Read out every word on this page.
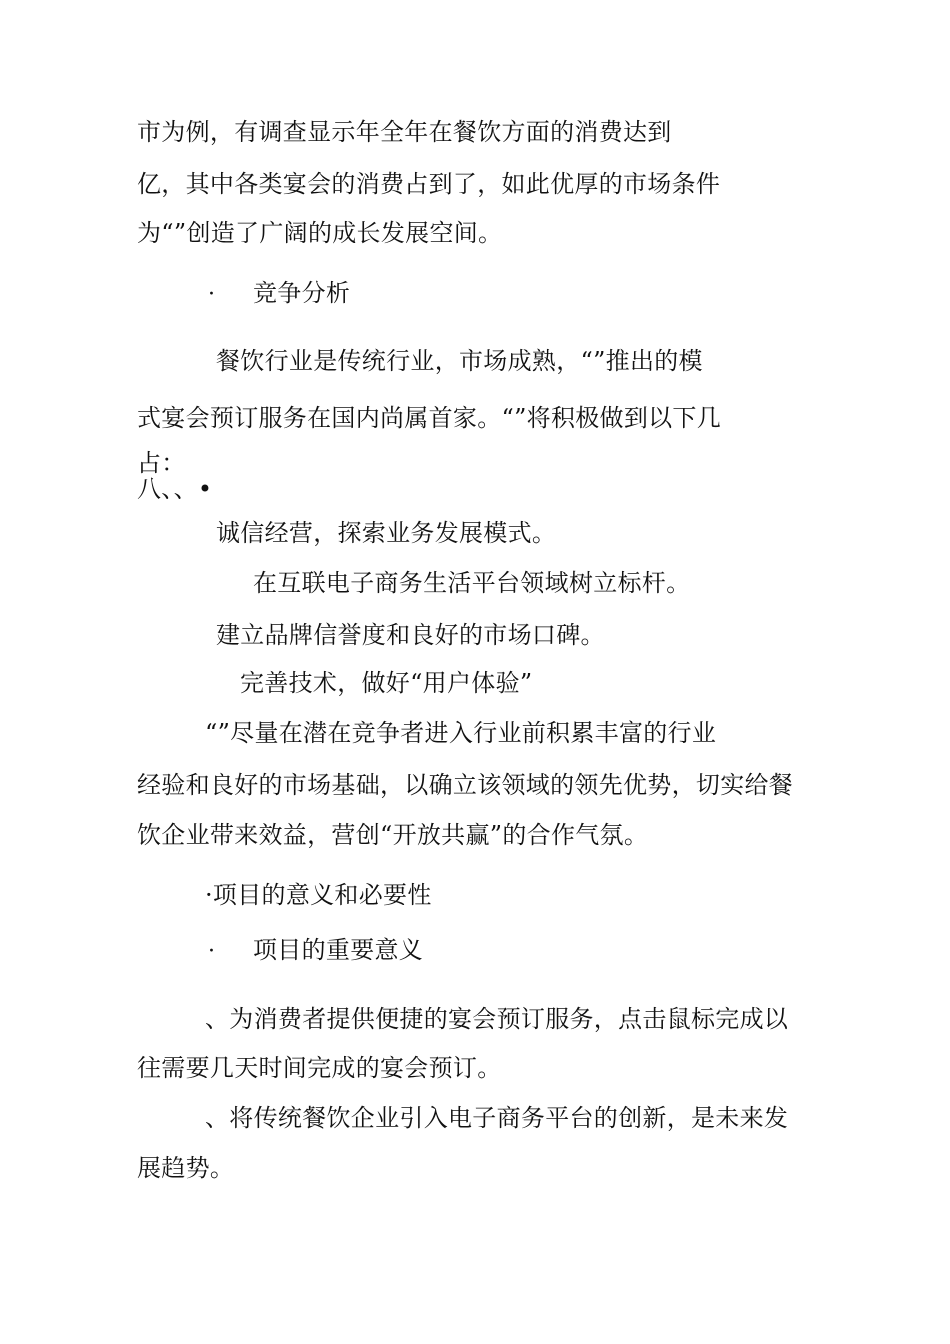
市为例，有调查显示年全年在餐饮方面的消费达到
亿，其中各类宴会的消费占到了，如此优厚的市场条件
为“”创造了广阔的成长发展空间。
· 竞争分析
餐饮行业是传统行业，市场成熟，“”推出的模
式宴会预订服务在国内尚属首家。“”将积极做到以下几
占：
八、、•
诚信经营，探索业务发展模式。
在互联电子商务生活平台领域树立标杆。
建立品牌信誉度和良好的市场口碑。
完善技术，做好“用户体验”
“”尽量在潜在竞争者进入行业前积累丰富的行业
经验和良好的市场基础，以确立该领域的领先优势，切实给餐
饮企业带来效益，营创“开放共赢”的合作气氛。
·项目的意义和必要性
· 项目的重要意义
、为消费者提供便捷的宴会预订服务，点击鼠标完成以
往需要几天时间完成的宴会预订。
、将传统餐饮企业引入电子商务平台的创新，是未来发
展趋势。
